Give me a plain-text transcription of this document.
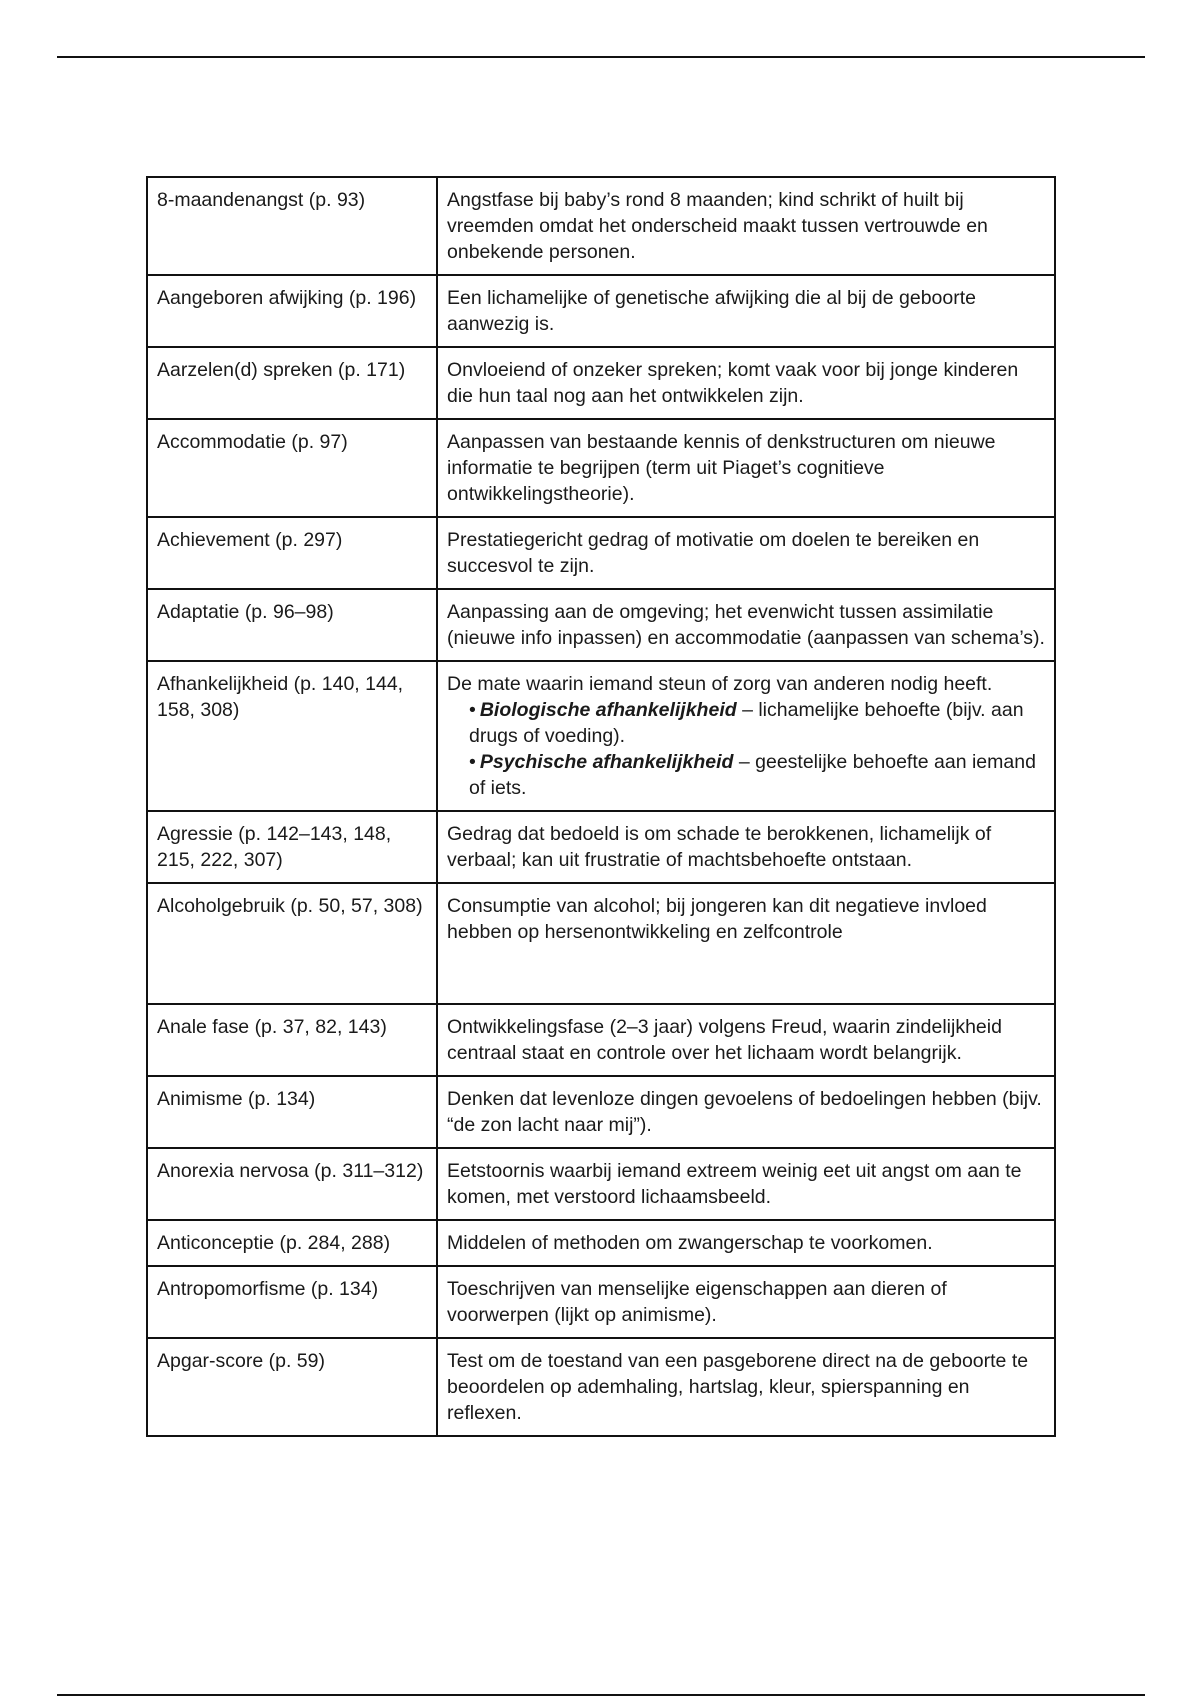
8-maandenangst (p. 93)	Angstfase bij baby’s rond 8 maanden; kind schrikt of huilt bij vreemden omdat het onderscheid maakt tussen vertrouwde en onbekende personen.
Aangeboren afwijking (p. 196)	Een lichamelijke of genetische afwijking die al bij de geboorte aanwezig is.
Aarzelen(d) spreken (p. 171)	Onvloeiend of onzeker spreken; komt vaak voor bij jonge kinderen die hun taal nog aan het ontwikkelen zijn.
Accommodatie (p. 97)	Aanpassen van bestaande kennis of denkstructuren om nieuwe informatie te begrijpen (term uit Piaget’s cognitieve ontwikkelingstheorie).
Achievement (p. 297)	Prestatiegericht gedrag of motivatie om doelen te bereiken en succesvol te zijn.
Adaptatie (p. 96–98)	Aanpassing aan de omgeving; het evenwicht tussen assimilatie (nieuwe info inpassen) en accommodatie (aanpassen van schema’s).
Afhankelijkheid (p. 140, 144, 158, 308)	De mate waarin iemand steun of zorg van anderen nodig heeft.
• Biologische afhankelijkheid – lichamelijke behoefte (bijv. aan drugs of voeding).
• Psychische afhankelijkheid – geestelijke behoefte aan iemand of iets.

Agressie (p. 142–143, 148, 215, 222, 307)	Gedrag dat bedoeld is om schade te berokkenen, lichamelijk of verbaal; kan uit frustratie of machtsbehoefte ontstaan.
Alcoholgebruik (p. 50, 57, 308)	Consumptie van alcohol; bij jongeren kan dit negatieve invloed hebben op hersenontwikkeling en zelfcontrole
Anale fase (p. 37, 82, 143)	Ontwikkelingsfase (2–3 jaar) volgens Freud, waarin zindelijkheid centraal staat en controle over het lichaam wordt belangrijk.
Animisme (p. 134)	Denken dat levenloze dingen gevoelens of bedoelingen hebben (bijv. “de zon lacht naar mij”).
Anorexia nervosa (p. 311–312)	Eetstoornis waarbij iemand extreem weinig eet uit angst om aan te komen, met verstoord lichaamsbeeld.
Anticonceptie (p. 284, 288)	Middelen of methoden om zwangerschap te voorkomen.
Antropomorfisme (p. 134)	Toeschrijven van menselijke eigenschappen aan dieren of voorwerpen (lijkt op animisme).
Apgar-score (p. 59)	Test om de toestand van een pasgeborene direct na de geboorte te beoordelen op ademhaling, hartslag, kleur, spierspanning en reflexen.
